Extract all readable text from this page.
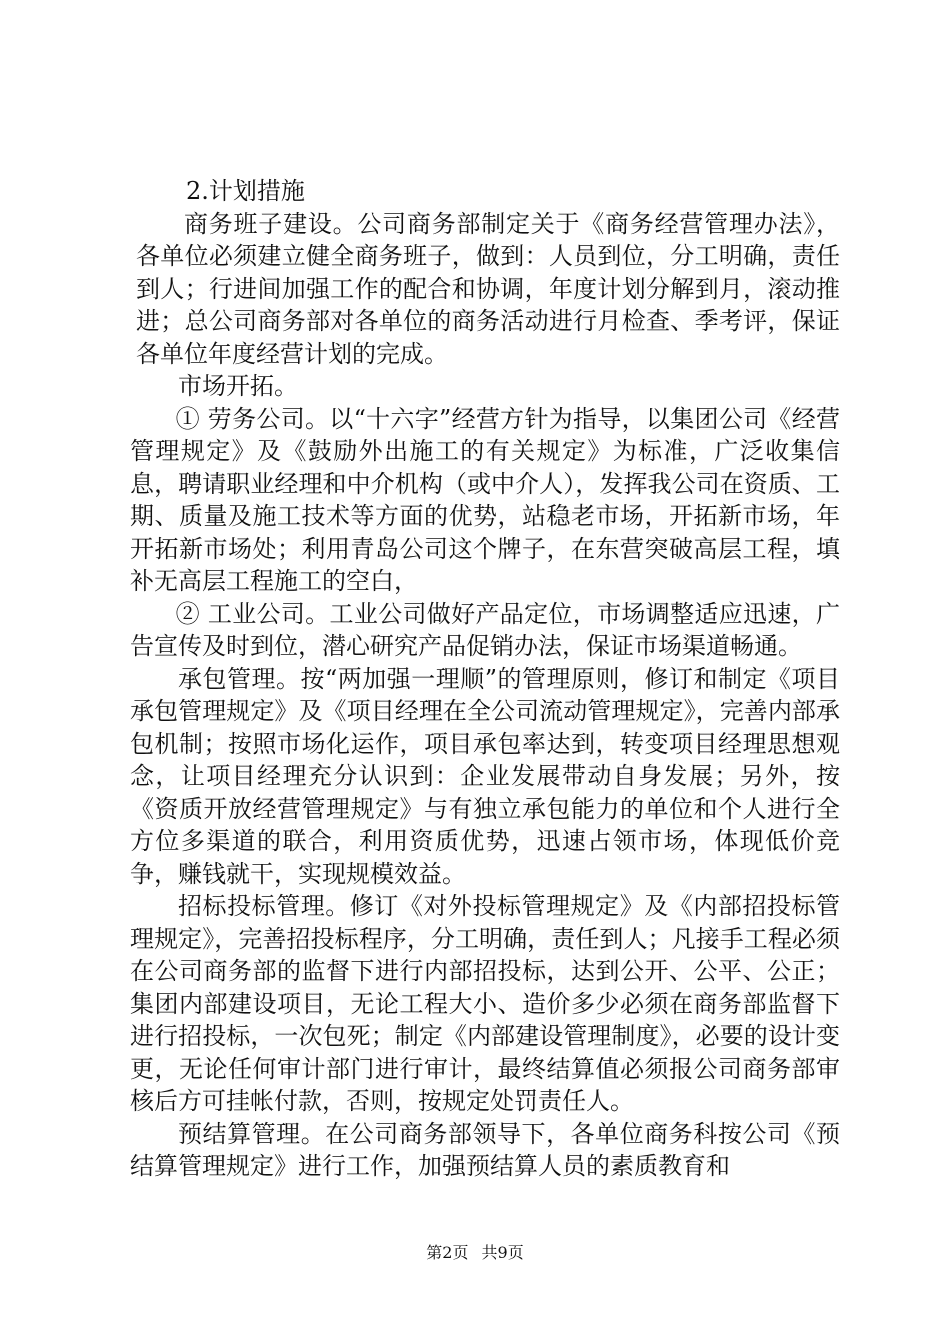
2.计划措施

商务班子建设。公司商务部制定关于《商务经营管理办法》，各单位必须建立健全商务班子，做到：人员到位，分工明确，责任到人；行进间加强工作的配合和协调，年度计划分解到月，滚动推进；总公司商务部对各单位的商务活动进行月检查、季考评，保证各单位年度经营计划的完成。

市场开拓。

① 劳务公司。以“十六字”经营方针为指导，以集团公司《经营管理规定》及《鼓励外出施工的有关规定》为标准，广泛收集信息，聘请职业经理和中介机构（或中介人），发挥我公司在资质、工期、质量及施工技术等方面的优势，站稳老市场，开拓新市场，年开拓新市场处；利用青岛公司这个牌子，在东营突破高层工程，填补无高层工程施工的空白，

② 工业公司。工业公司做好产品定位，市场调整适应迅速，广告宣传及时到位，潜心研究产品促销办法，保证市场渠道畅通。

承包管理。按“两加强一理顺”的管理原则，修订和制定《项目承包管理规定》及《项目经理在全公司流动管理规定》，完善内部承包机制；按照市场化运作，项目承包率达到，转变项目经理思想观念，让项目经理充分认识到：企业发展带动自身发展；另外，按《资质开放经营管理规定》与有独立承包能力的单位和个人进行全方位多渠道的联合，利用资质优势，迅速占领市场，体现低价竞争，赚钱就干，实现规模效益。

招标投标管理。修订《对外投标管理规定》及《内部招投标管理规定》，完善招投标程序，分工明确，责任到人；凡接手工程必须在公司商务部的监督下进行内部招投标，达到公开、公平、公正；集团内部建设项目，无论工程大小、造价多少必须在商务部监督下进行招投标，一次包死；制定《内部建设管理制度》，必要的设计变更，无论任何审计部门进行审计，最终结算值必须报公司商务部审核后方可挂帐付款，否则，按规定处罚责任人。

预结算管理。在公司商务部领导下，各单位商务科按公司《预结算管理规定》进行工作，加强预结算人员的素质教育和

第2页 共9页
